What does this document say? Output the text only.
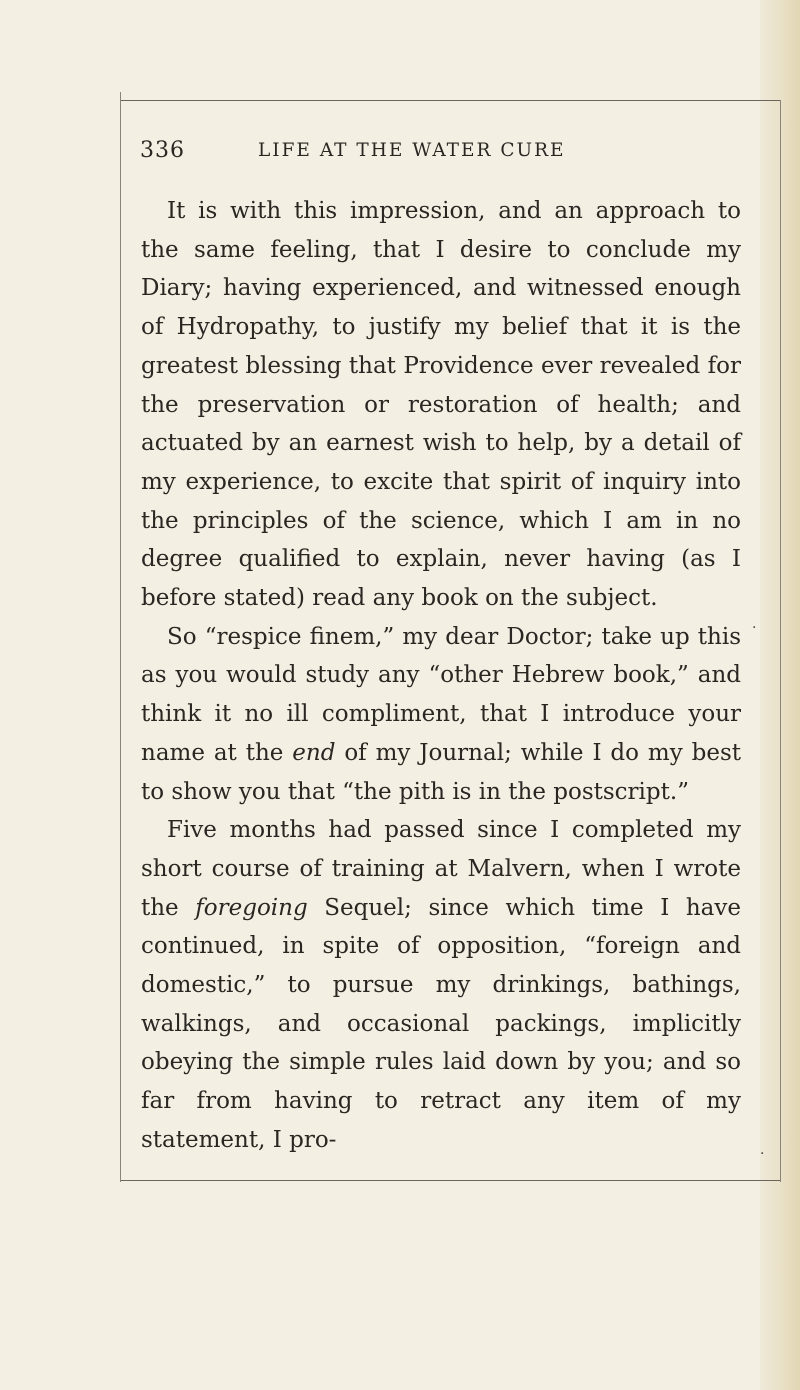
336	LIFE AT THE WATER CURE

It is with this impression, and an approach to the same feeling, that I desire to conclude my Diary; having experienced, and witnessed enough of Hydropathy, to justify my belief that it is the greatest blessing that Providence ever revealed for the preservation or restoration of health; and actuated by an earnest wish to help, by a detail of my experience, to excite that spirit of inquiry into the principles of the science, which I am in no degree qualified to explain, never having (as I before stated) read any book on the subject.

So “respice finem,” my dear Doctor; take up this as you would study any “other Hebrew book,” and think it no ill compliment, that I introduce your name at the end of my Journal; while I do my best to show you that “the pith is in the postscript.”

Five months had passed since I completed my short course of training at Malvern, when I wrote the foregoing Sequel; since which time I have continued, in spite of opposition, “foreign and domestic,” to pursue my drinkings, bathings, walkings, and occasional packings, implicitly obeying the simple rules laid down by you; and so far from having to retract any item of my statement, I pro-

·
·
